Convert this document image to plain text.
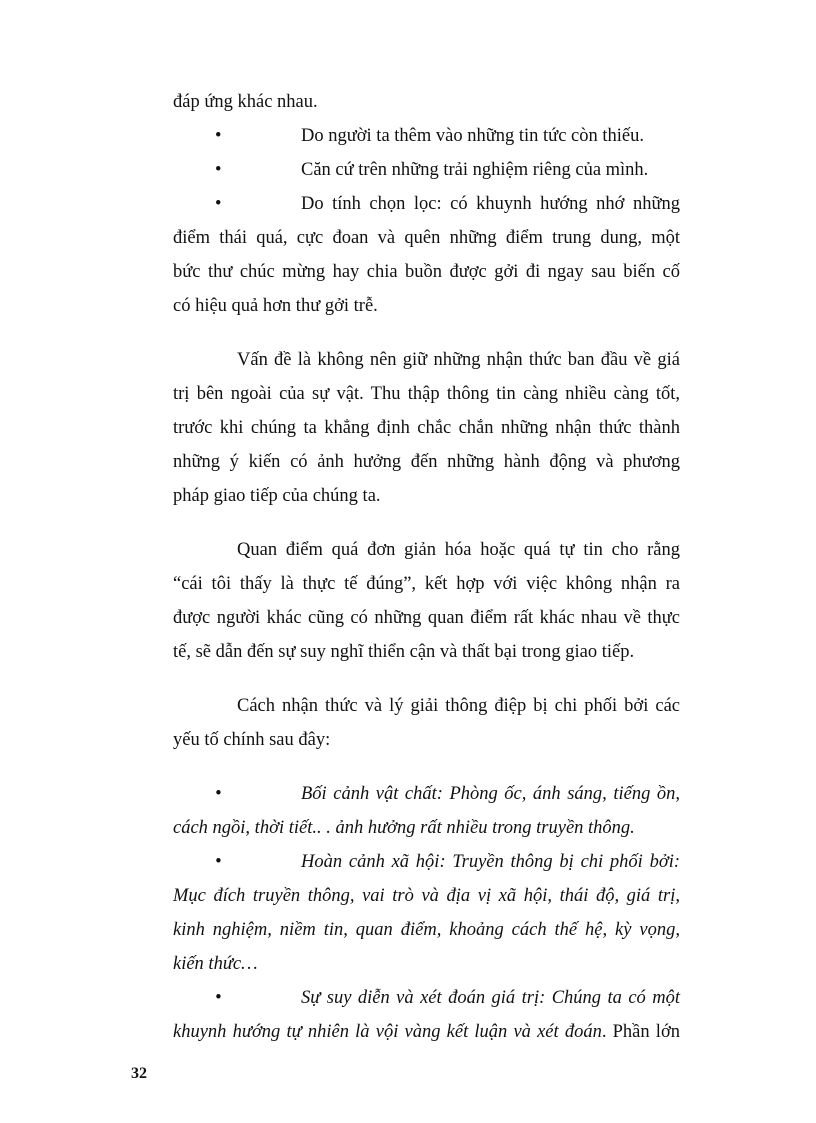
đáp ứng khác nhau.
•	Do người ta thêm vào những tin tức còn thiếu.
•	Căn cứ trên những trải nghiệm riêng của mình.
•	Do tính chọn lọc: có khuynh hướng nhớ những
điểm thái quá, cực đoan và quên những điểm trung dung, một
bức thư chúc mừng hay chia buồn được gởi đi ngay sau biến cố
có hiệu quả hơn thư gởi trễ.
Vấn đề là không nên giữ những nhận thức ban đầu về giá
trị bên ngoài của sự vật. Thu thập thông tin càng nhiều càng tốt,
trước khi chúng ta khẳng định chắc chắn những nhận thức thành
những ý kiến có ảnh hưởng đến những hành động và phương
pháp giao tiếp của chúng ta.
Quan điểm quá đơn giản hóa hoặc quá tự tin cho rằng
“cái tôi thấy là thực tế đúng”, kết hợp với việc không nhận ra
được người khác cũng có những quan điểm rất khác nhau về thực
tế, sẽ dẫn đến sự suy nghĩ thiển cận và thất bại trong giao tiếp.
Cách nhận thức và lý giải thông điệp bị chi phối bởi các
yếu tố chính sau đây:
•	Bối cảnh vật chất: Phòng ốc, ánh sáng, tiếng ồn,
cách ngồi, thời tiết.. . ảnh hưởng rất nhiều trong truyền thông.
•	Hoàn cảnh xã hội: Truyền thông bị chi phối bởi:
Mục đích truyền thông, vai trò và địa vị xã hội, thái độ, giá trị,
kinh nghiệm, niềm tin, quan điểm, khoảng cách thế hệ, kỳ vọng,
kiến thức…
•	Sự suy diễn và xét đoán giá trị: Chúng ta có một
khuynh hướng tự nhiên là vội vàng kết luận và xét đoán. Phần lớn
32
